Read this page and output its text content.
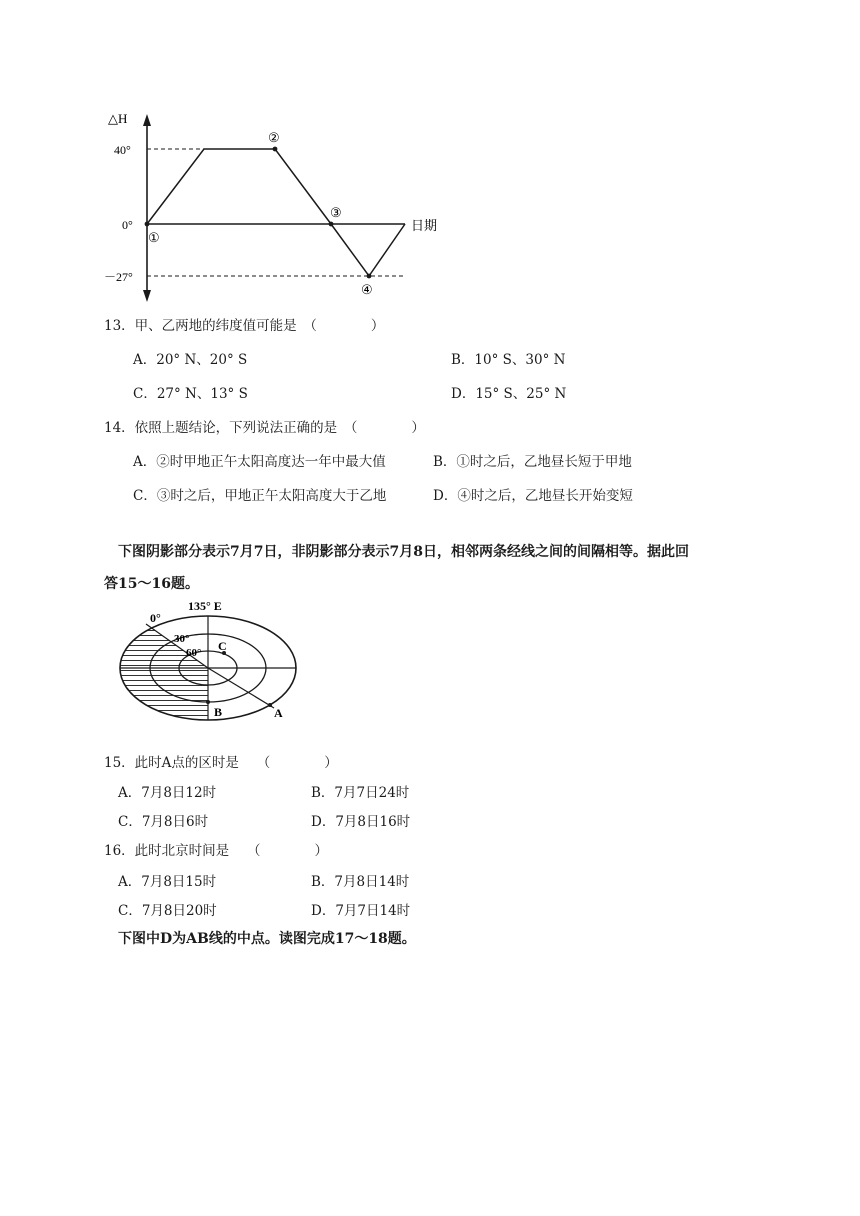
△H
40°
0°
－27°
日期
①
②
③
④
13．甲、乙两地的纬度值可能是　（　　　　）
A．20° N、20° S	B．10° S、30° N
C．27° N、13° S	D．15° S、25° N
14．依照上题结论，下列说法正确的是　（　　　　）
A．②时甲地正午太阳高度达一年中最大值	B．①时之后，乙地昼长短于甲地
C．③时之后，甲地正午太阳高度大于乙地	D．④时之后，乙地昼长开始变短
下图阴影部分表示7月7日，非阴影部分表示7月8日，相邻两条经线之间的间隔相等。据此回
答15～16题。
135° E
0°
30°
60° C
B	A
15．此时A点的区时是　 （　　　　）
A．7月8日12时	B．7月7日24时
C．7月8日6时	D．7月8日16时
16．此时北京时间是　 （　　　　）
A．7月8日15时	B．7月8日14时
C．7月8日20时	D．7月7日14时
下图中D为AB线的中点。读图完成17～18题。
